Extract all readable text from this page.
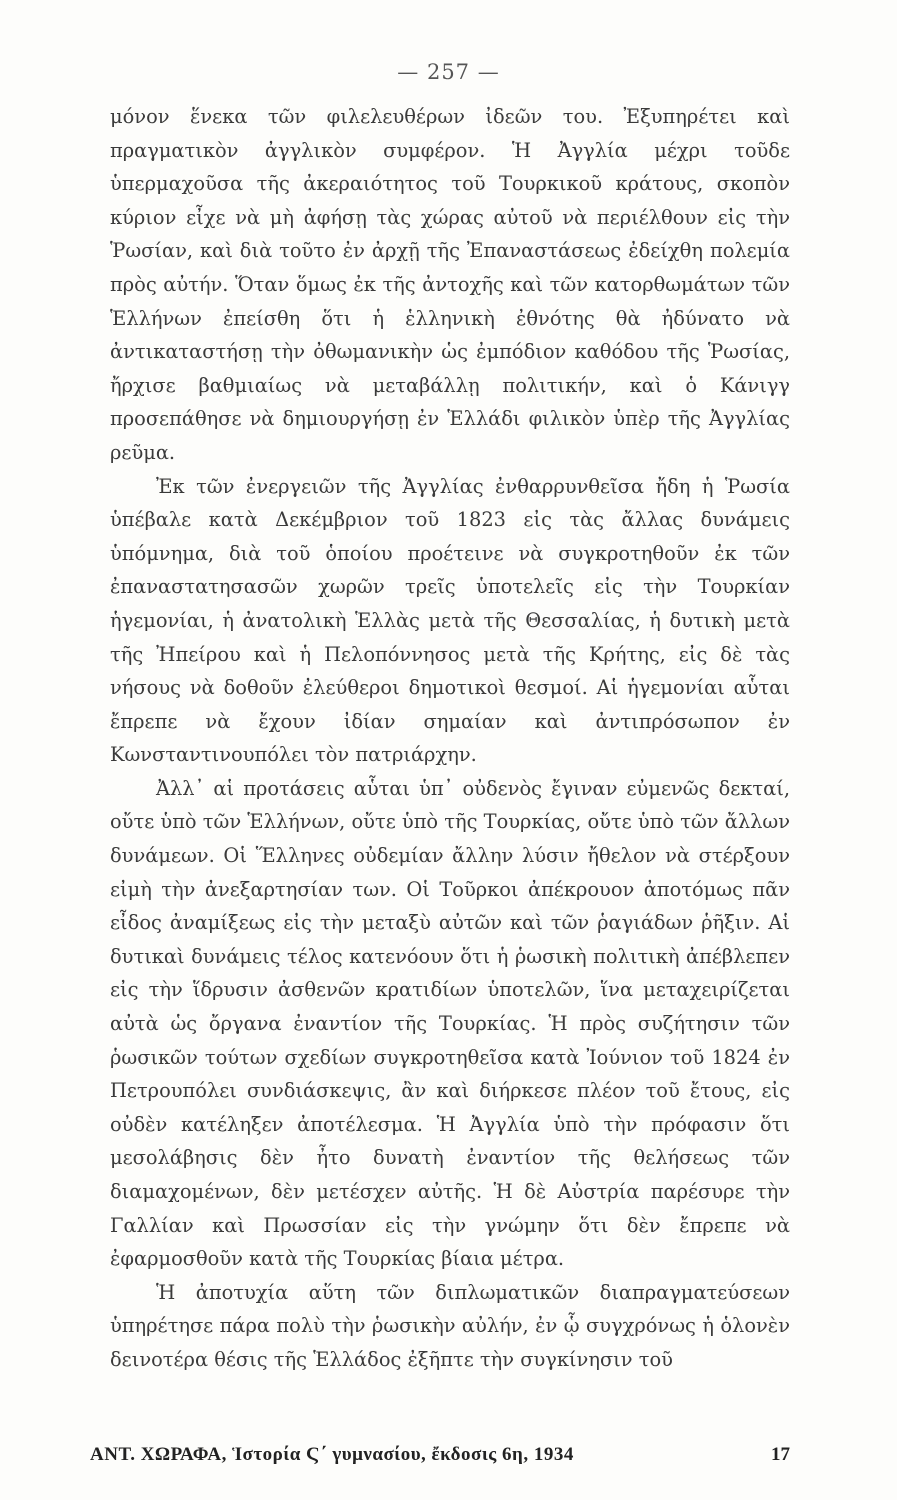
— 257 —

μόνον ἕνεκα τῶν φιλελευθέρων ἰδεῶν του. Ἐξυπηρέτει καὶ πραγματικὸν ἀγγλικὸν συμφέρον. Ἡ Ἀγγλία μέχρι τοῦδε ὑπερμαχοῦσα τῆς ἀκεραιότητος τοῦ Τουρκικοῦ κράτους, σκοπὸν κύριον εἶχε νὰ μὴ ἀφήσῃ τὰς χώρας αὐτοῦ νὰ περιέλθουν εἰς τὴν Ῥωσίαν, καὶ διὰ τοῦτο ἐν ἀρχῇ τῆς Ἐπαναστάσεως ἐδείχθη πολεμία πρὸς αὐτήν. Ὅταν ὅμως ἐκ τῆς ἀντοχῆς καὶ τῶν κατορθωμάτων τῶν Ἑλλήνων ἐπείσθη ὅτι ἡ ἑλληνικὴ ἐθνότης θὰ ἠδύνατο νὰ ἀντικαταστήσῃ τὴν ὀθωμανικὴν ὡς ἐμπόδιον καθόδου τῆς Ῥωσίας, ἤρχισε βαθμιαίως νὰ μεταβάλλῃ πολιτικήν, καὶ ὁ Κάνιγγ προσεπάθησε νὰ δημιουργήσῃ ἐν Ἑλλάδι φιλικὸν ὑπὲρ τῆς Ἀγγλίας ρεῦμα.

Ἐκ τῶν ἐνεργειῶν τῆς Ἀγγλίας ἐνθαρρυνθεῖσα ἤδη ἡ Ῥωσία ὑπέβαλε κατὰ Δεκέμβριον τοῦ 1823 εἰς τὰς ἄλλας δυνάμεις ὑπόμνημα, διὰ τοῦ ὁποίου προέτεινε νὰ συγκροτηθοῦν ἐκ τῶν ἐπαναστατησασῶν χωρῶν τρεῖς ὑποτελεῖς εἰς τὴν Τουρκίαν ἡγεμονίαι, ἡ ἀνατολικὴ Ἑλλὰς μετὰ τῆς Θεσσαλίας, ἡ δυτικὴ μετὰ τῆς Ἠπείρου καὶ ἡ Πελοπόννησος μετὰ τῆς Κρήτης, εἰς δὲ τὰς νήσους νὰ δοθοῦν ἐλεύθεροι δημοτικοὶ θεσμοί. Αἱ ἡγεμονίαι αὗται ἔπρεπε νὰ ἔχουν ἰδίαν σημαίαν καὶ ἀντιπρόσωπον ἐν Κωνσταντινουπόλει τὸν πατριάρχην.

Ἀλλ᾽ αἱ προτάσεις αὗται ὑπ᾽ οὐδενὸς ἔγιναν εὐμενῶς δεκταί, οὔτε ὑπὸ τῶν Ἑλλήνων, οὔτε ὑπὸ τῆς Τουρκίας, οὔτε ὑπὸ τῶν ἄλλων δυνάμεων. Οἱ Ἕλληνες οὐδεμίαν ἄλλην λύσιν ἤθελον νὰ στέρξουν εἰμὴ τὴν ἀνεξαρτησίαν των. Οἱ Τοῦρκοι ἀπέκρουον ἀποτόμως πᾶν εἶδος ἀναμίξεως εἰς τὴν μεταξὺ αὐτῶν καὶ τῶν ῥαγιάδων ῥῆξιν. Αἱ δυτικαὶ δυνάμεις τέλος κατενόουν ὅτι ἡ ῥωσικὴ πολιτικὴ ἀπέβλεπεν εἰς τὴν ἵδρυσιν ἀσθενῶν κρατιδίων ὑποτελῶν, ἵνα μεταχειρίζεται αὐτὰ ὡς ὄργανα ἐναντίον τῆς Τουρκίας. Ἡ πρὸς συζήτησιν τῶν ῥωσικῶν τούτων σχεδίων συγκροτηθεῖσα κατὰ Ἰούνιον τοῦ 1824 ἐν Πετρουπόλει συνδιάσκεψις, ἂν καὶ διήρκεσε πλέον τοῦ ἔτους, εἰς οὐδὲν κατέληξεν ἀποτέλεσμα. Ἡ Ἀγγλία ὑπὸ τὴν πρόφασιν ὅτι μεσολάβησις δὲν ἦτο δυνατὴ ἐναντίον τῆς θελήσεως τῶν διαμαχομένων, δὲν μετέσχεν αὐτῆς. Ἡ δὲ Αὐστρία παρέσυρε τὴν Γαλλίαν καὶ Πρωσσίαν εἰς τὴν γνώμην ὅτι δὲν ἔπρεπε νὰ ἐφαρμοσθοῦν κατὰ τῆς Τουρκίας βίαια μέτρα.

Ἡ ἀποτυχία αὕτη τῶν διπλωματικῶν διαπραγματεύσεων ὑπηρέτησε πάρα πολὺ τὴν ῥωσικὴν αὐλήν, ἐν ᾧ συγχρόνως ἡ ὁλονὲν δεινοτέρα θέσις τῆς Ἑλλάδος ἐξῆπτε τὴν συγκίνησιν τοῦ

ΑΝΤ. ΧΩΡΑΦΑ, Ἱστορία Ϛ΄ γυμνασίου, ἔκδοσις 6η, 1934	17
